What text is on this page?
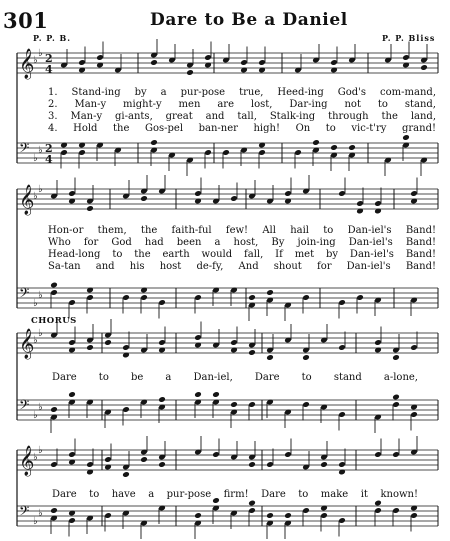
𝄞
♭
♭ 2
4
𝄢 ♭
♭ 2
4
𝄞
♭
♭
𝄢 ♭
♭
𝄞
♭
♭
𝄢 ♭
♭
𝄞
♭
♭
𝄢 ♭
♭
301	Dare to Be a Daniel
P. P. B.	P. P. Bliss
1. Stand-ing by a pur-pose true, Heed-ing God's com-mand,
2. Man-y might-y men are lost, Dar-ing not to stand,
3. Man-y gi-ants, great and tall, Stalk-ing through the land,
4. Hold the Gos-pel ban-ner high! On to vic-t'ry grand!
Hon-or them, the faith-ful few! All hail to Dan-iel's Band!
Who for God had been a host, By join-ing Dan-iel's Band!
Head-long to the earth would fall, If met by Dan-iel's Band!
Sa-tan and his host de-fy, And shout for Dan-iel's Band!
CHORUS
Dare to be a Dan-iel, Dare to stand a-lone,
Dare to have a pur-pose firm! Dare to make it known!
